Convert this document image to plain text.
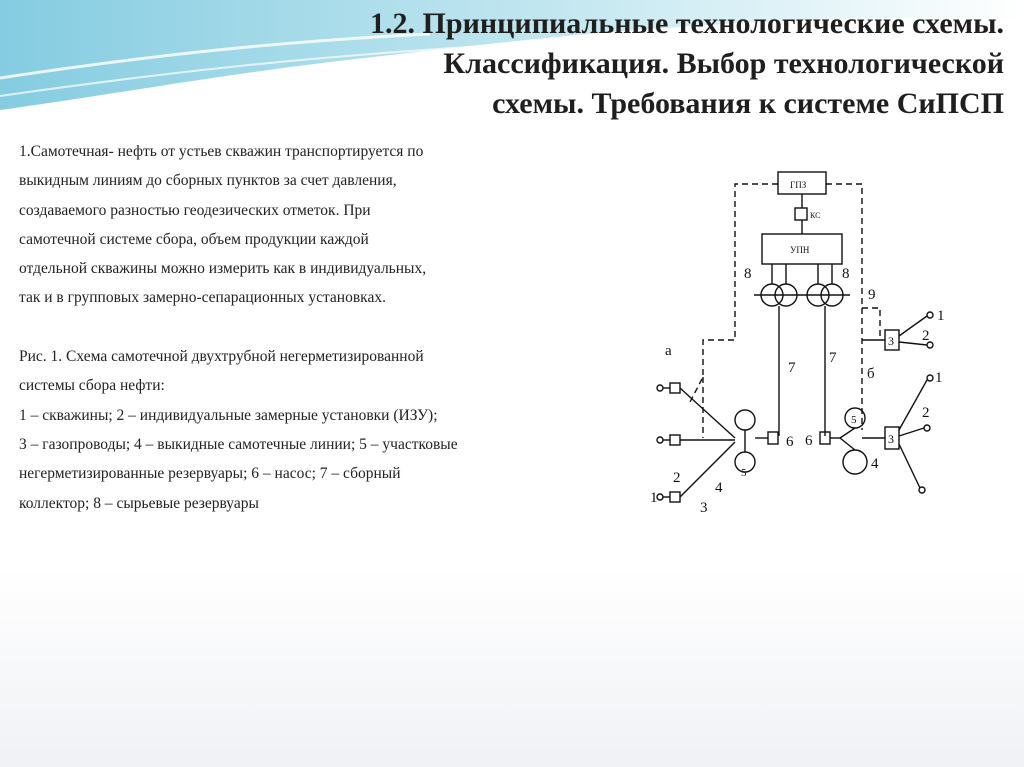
1.2. Принципиальные технологические схемы.
Классификация. Выбор технологической
схемы. Требования к системе СиПСП

1.Самотечная- нефть от устьев скважин транспортируется по

выкидным линиям до сборных пунктов за счет давления,

создаваемого разностью геодезических отметок. При

самотечной системе сбора, объем продукции каждой

отдельной скважины можно измерить как в индивидуальных,

так и в групповых замерно-сепарационных установках.

Рис. 1. Схема самотечной двухтрубной негерметизированной

системы сбора нефти:

1 – скважины; 2 – индивидуальные замерные установки (ИЗУ);

3 – газопроводы; 4 – выкидные самотечные линии; 5 – участковые

негерметизированные резервуары; 6 – насос; 7 – сборный

коллектор; 8 – сырьевые резервуары

ГПЗ
КС
УПН
а
б
1
2
3
4
5
6
7
8	8
9
3
3
2
2
1
1
5
4
6
7
